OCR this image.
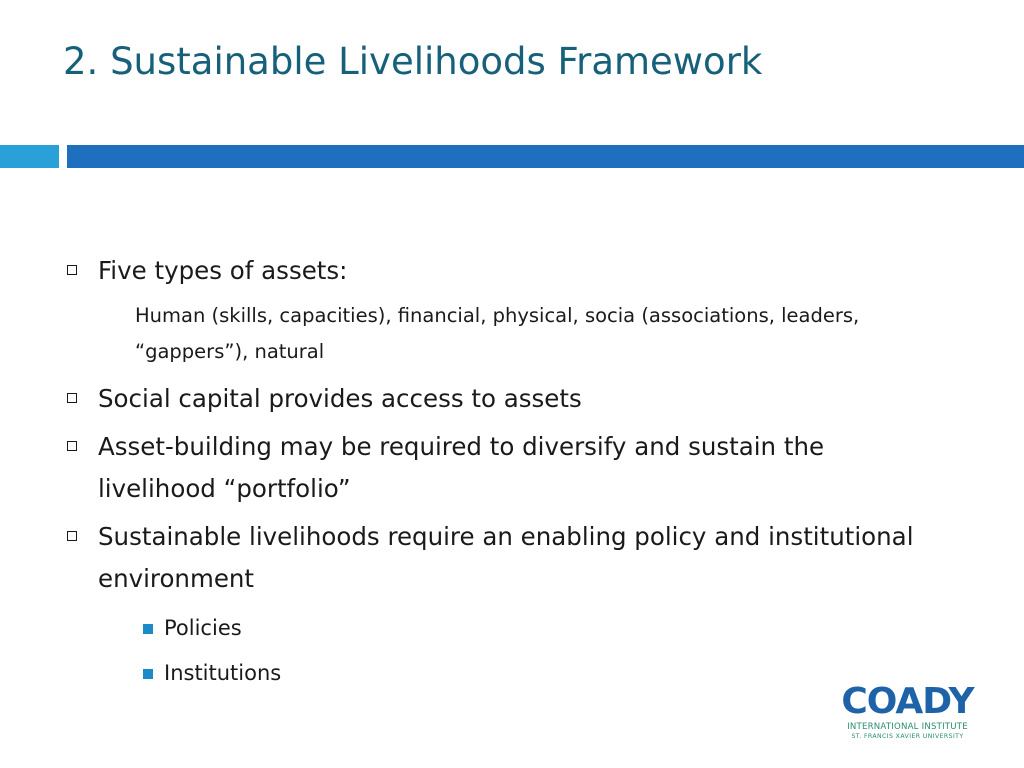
2. Sustainable Livelihoods Framework
Five types of assets:
Human (skills, capacities), financial, physical, socia (associations, leaders, “gappers”), natural
Social capital provides access to assets
Asset-building may be required to diversify and sustain the livelihood “portfolio”
Sustainable livelihoods require an enabling policy and institutional environment
Policies
Institutions
COADY
INTERNATIONAL INSTITUTE
ST. FRANCIS XAVIER UNIVERSITY
